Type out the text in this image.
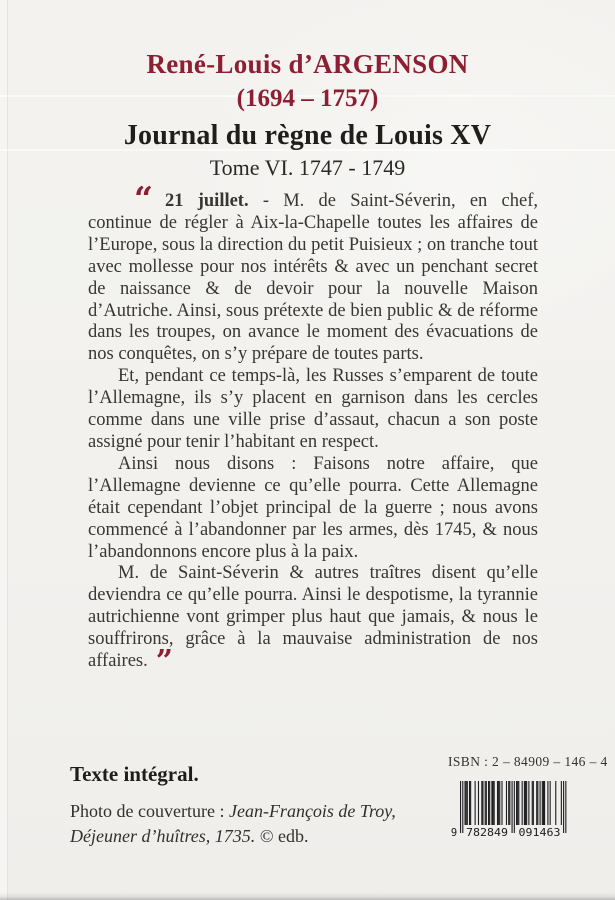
René-Louis d’ARGENSON
(1694 – 1757)
Journal du règne de Louis XV
Tome VI. 1747 - 1749

“ 21 juillet. - M. de Saint-Séverin, en chef, continue de régler à Aix-la-Chapelle toutes les affaires de l’Europe, sous la direction du petit Puisieux ; on tranche tout avec mollesse pour nos intérêts & avec un penchant secret de naissance & de devoir pour la nouvelle Maison d’Autriche. Ainsi, sous prétexte de bien public & de réforme dans les troupes, on avance le moment des évacuations de nos conquêtes, on s’y prépare de toutes parts.

Et, pendant ce temps-là, les Russes s’emparent de toute l’Allemagne, ils s’y placent en garnison dans les cercles comme dans une ville prise d’assaut, chacun a son poste assigné pour tenir l’habitant en respect.

Ainsi nous disons : Faisons notre affaire, que l’Allemagne devienne ce qu’elle pourra. Cette Allemagne était cependant l’objet principal de la guerre ; nous avons commencé à l’abandonner par les armes, dès 1745, & nous l’abandonnons encore plus à la paix.

M. de Saint-Séverin & autres traîtres disent qu’elle deviendra ce qu’elle pourra. Ainsi le despotisme, la tyrannie autrichienne vont grimper plus haut que jamais, & nous le souffrirons, grâce à la mauvaise administration de nos affaires. ”

Texte intégral.
Photo de couverture : Jean-François de Troy, Déjeuner d’huîtres, 1735. © edb.
ISBN : 2 – 84909 – 146 – 4
9 782849 091463
